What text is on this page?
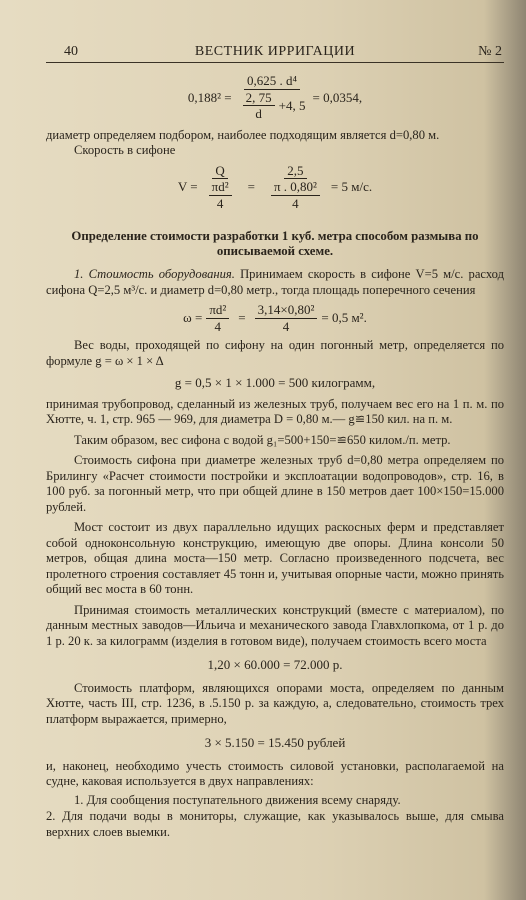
40	ВЕСТНИК ИРРИГАЦИИ	№ 2
$0,188^2 = \frac{\text{0,625 . d⁴}}{\frac{2, 75}{d} +4, 5} = 0,0354$,

диаметр определяем подбором, наиболее подходящим является d=0,80 м.

Скорость в сифоне

$V = \frac{Q}{\frac{\text{πd²}}{4}} = \frac{2,5}{\frac{\text{π . 0,80²}}{4}} = 5$ м/с.
Определение стоимости разработки 1 куб. метра способом размыва по описываемой схеме.

1. Стоимость оборудования. Принимаем скорость в сифоне V=5 м/с. расход сифона Q=2,5 м³/с. и диаметр d=0,80 метр., тогда площадь поперечного сечения

$\omega = \frac{\text{πd²}}{4} = \frac{\text{3,14×0,80²}}{4} = 0,5$ м².

Вес воды, проходящей по сифону на один погонный метр, определяется по формуле g = ω × 1 × Δ

g = 0,5 × 1 × 1.000 = 500 килограмм,

принимая трубопровод, сделанный из железных труб, получаем вес его на 1 п. м. по Хютте, ч. 1, стр. 965 — 969, для диаметра D = 0,80 м.— g≌150 кил. на п. м.

Таким образом, вес сифона с водой g₁=500+150=≌650 килом./п. метр.

Стоимость сифона при диаметре железных труб d=0,80 метра определяем по Брилингу «Расчет стоимости постройки и эксплоатации водопроводов», стр. 16, в 100 руб. за погонный метр, что при общей длине в 150 метров дает 100×150=15.000 рублей.

Мост состоит из двух параллельно идущих раскосных ферм и представляет собой однoконсольную конструкцию, имеющую две опоры. Длина консоли 50 метров, общая длина моста—150 метр. Согласно произведенного подсчета, вес пролетного строения составляет 45 тонн и, учитывая опорные части, можно принять общий вес моста в 60 тонн.

Принимая стоимость металлических конструкций (вместе с материалом), по данным местных заводов—Ильича и механического завода Главхлопкома, от 1 р. до 1 р. 20 к. за килограмм (изделия в готовом виде), получаем стоимость всего моста

1,20 × 60.000 = 72.000 р.

Стоимость платформ, являющихся опорами моста, определяем по данным Хютте, часть III, стр. 1236, в .5.150 р. за каждую, а, следовательно, стоимость трех платформ выражается, примерно,

3 × 5.150 = 15.450 рублей

и, наконец, необходимо учесть стоимость силовой установки, располагаемой на судне, каковая используется в двух направлениях:

1. Для сообщения поступательного движения всему снаряду.

2. Для подачи воды в мониторы, служащие, как указывалось выше, для смыва верхних слоев выемки.
